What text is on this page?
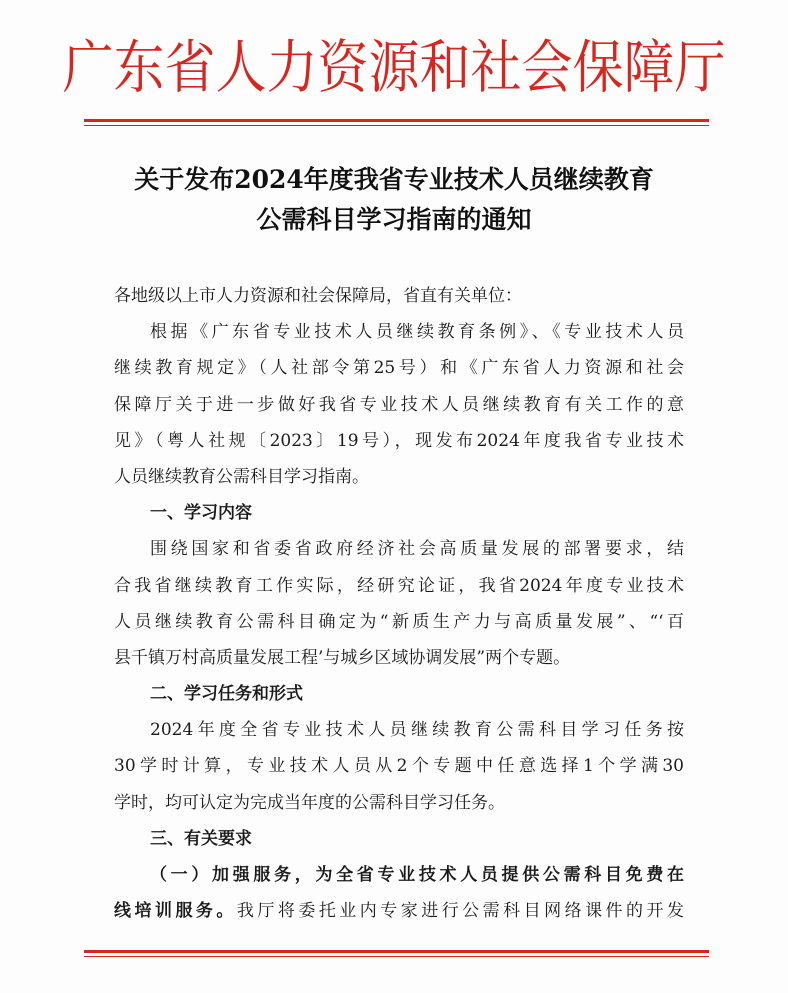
广东省人力资源和社会保障厅
关于发布2024年度我省专业技术人员继续教育
公需科目学习指南的通知
各地级以上市人力资源和社会保障局，省直有关单位：
根据《广东省专业技术人员继续教育条例》、《专业技术人员
继续教育规定》（人社部令第25号）和《广东省人力资源和社会
保障厅关于进一步做好我省专业技术人员继续教育有关工作的意
见》（粤人社规〔2023〕19号），现发布2024年度我省专业技术
人员继续教育公需科目学习指南。
一、学习内容
围绕国家和省委省政府经济社会高质量发展的部署要求，结
合我省继续教育工作实际，经研究论证，我省2024年度专业技术
人员继续教育公需科目确定为“新质生产力与高质量发展”、“‘百
县千镇万村高质量发展工程’与城乡区域协调发展”两个专题。
二、学习任务和形式
2024年度全省专业技术人员继续教育公需科目学习任务按
30学时计算，专业技术人员从2个专题中任意选择1个学满30
学时，均可认定为完成当年度的公需科目学习任务。
三、有关要求
（一）加强服务，为全省专业技术人员提供公需科目免费在
线培训服务。我厅将委托业内专家进行公需科目网络课件的开发
